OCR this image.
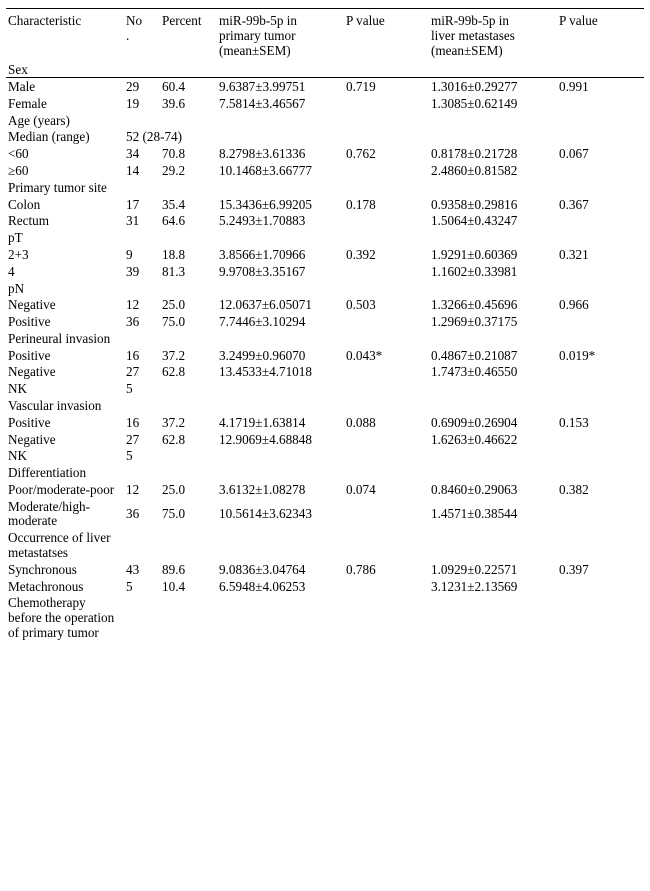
Characteristic	No
.	Percent	miR-99b-5p in
primary tumor
(mean±SEM)	P value	miR-99b-5p in
liver metastases
(mean±SEM)	P value
Sex						
Male	29	60.4	9.6387±3.99751	0.719	1.3016±0.29277	0.991
Female	19	39.6	7.5814±3.46567		1.3085±0.62149	
Age (years)						
Median (range)	52 (28-74)					
<60	34	70.8	8.2798±3.61336	0.762	0.8178±0.21728	0.067
≥60	14	29.2	10.1468±3.66777		2.4860±0.81582	
Primary tumor site						
Colon	17	35.4	15.3436±6.99205	0.178	0.9358±0.29816	0.367
Rectum	31	64.6	5.2493±1.70883		1.5064±0.43247	
pT						
2+3	9	18.8	3.8566±1.70966	0.392	1.9291±0.60369	0.321
4	39	81.3	9.9708±3.35167		1.1602±0.33981	
pN						
Negative	12	25.0	12.0637±6.05071	0.503	1.3266±0.45696	0.966
Positive	36	75.0	7.7446±3.10294		1.2969±0.37175	
Perineural invasion						
Positive	16	37.2	3.2499±0.96070	0.043*	0.4867±0.21087	0.019*
Negative	27	62.8	13.4533±4.71018		1.7473±0.46550	
NK	5					
Vascular invasion						
Positive	16	37.2	4.1719±1.63814	0.088	0.6909±0.26904	0.153
Negative	27	62.8	12.9069±4.68848		1.6263±0.46622	
NK	5					
Differentiation						
Poor/moderate-poor	12	25.0	3.6132±1.08278	0.074	0.8460±0.29063	0.382
Moderate/high-moderate	36	75.0	10.5614±3.62343		1.4571±0.38544	
Occurrence of liver metastatses						
Synchronous	43	89.6	9.0836±3.04764	0.786	1.0929±0.22571	0.397
Metachronous	5	10.4	6.5948±4.06253		3.1231±2.13569	
Chemotherapy before the operation of primary tumor						
